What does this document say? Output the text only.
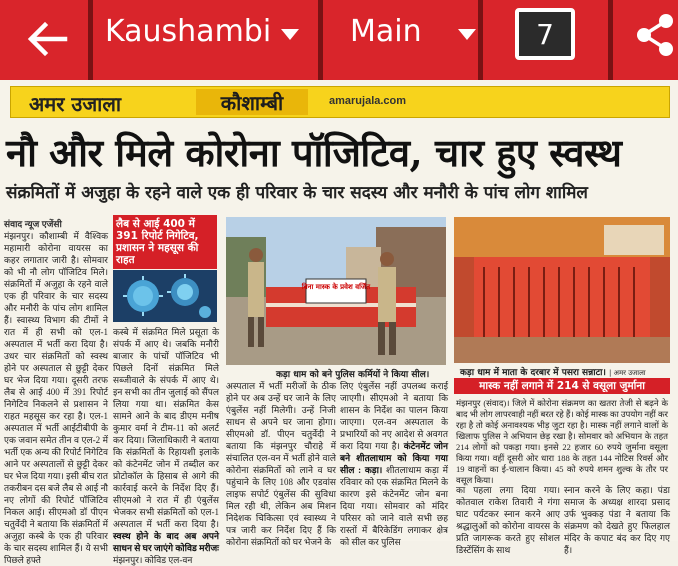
Kaushambi	Main	7
अमर उजाला	कौशाम्बी	amarujala.com
नौ और मिले कोरोना पॉजिटिव, चार हुए स्वस्थ
संक्रमितों में अजुहा के रहने वाले एक ही परिवार के चार सदस्य और मनौरी के पांच लोग शामिल
संवाद न्यूज एजेंसी
मंझनपुर। कौशाम्बी में वैश्विक महामारी कोरोना वायरस का कहर लगातार जारी है। सोमवार को भी नौ लोग पॉजिटिव मिले। संक्रमितों में अजुहा के रहने वाले एक ही परिवार के चार सदस्य और मनौरी के पांच लोग शामिल हैं। स्वास्थ्य विभाग की टीमों ने रात में ही सभी को एल-1 अस्पताल में भर्ती करा दिया है। उधर चार संक्रमितों को स्वस्थ होने पर अस्पताल से छुट्टी देकर घर भेज दिया गया। दूसरी तरफ लैब से आई 400 में 391 रिपोर्ट निगेटिव निकलने से प्रशासन ने राहत महसूस कर रहा है। एल-1 अस्पताल में भर्ती आईटीबीपी के एक जवान समेत तीन व एल-2 में भर्ती एक अन्य की रिपोर्ट निगेटिव आने पर अस्पतालों से छुट्टी देकर घर भेज दिया गया। इसी बीच रात तकरीबन दस बजे लैब से आई नौ नए लोगों की रिपोर्ट पॉजिटिव निकल आई। सीएमओ डॉ पीएन चतुर्वेदी ने बताया कि संक्रमितों में अजुहा कस्बे के एक ही परिवार के चार सदस्य शामिल हैं। ये सभी पिछले हफ्ते
लैब से आई 400 में 391 रिपोर्ट निगेटिव, प्रशासन ने महसूस की राहत
कस्बे में संक्रमित मिले प्रसूता के संपर्क में आए थे। जबकि मनौरी बाजार के पांचों पॉजिटिव भी पिछले दिनों संक्रमित मिले सब्जीवाले के संपर्क में आए थे। इन सभी का तीन जुलाई को सैंपल लिया गया था। संक्रमित केस सामने आने के बाद डीएम मनीष कुमार वर्मा ने टीम-11 को अलर्ट कर दिया। जिलाधिकारी ने बताया कि संक्रमितों के रिहायशी इलाके को कंटेनमेंट जोन में तब्दील कर प्रोटोकॉल के हिसाब से आगे की कार्रवाई करने के निर्देश दिए हैं। सीएमओ ने रात में ही एंबुलेंस भेजकर सभी संक्रमितों को एल-1 अस्पताल में भर्ती करा दिया है। स्वस्थ होने के बाद अब अपने साधन से घर जाएंगे कोविड मरीजः मंझनपुर। कोविड एल-वन
बिना मास्क के प्रवेश वर्जित
कड़ा धाम को बने पुलिस कर्मियों ने किया सील।	कड़ा धाम में माता के दरबार में पसरा सन्नाटा। | अमर उजाला
अस्पताल में भर्ती मरीजों के ठीक होने पर अब उन्हें घर जाने के लिए एंबुलेंस नहीं मिलेगी। उन्हें निजी साधन से अपने घर जाना होगा। सीएमओ डॉ. पीएन चतुर्वेदी ने बताया कि मंझनपुर चौराहे में संचालित एल-वन में भर्ती होने वाले कोरोना संक्रमितों को लाने व घर पहुंचाने के लिए 108 और एडवांस लाइफ सपोर्ट एंबुलेंस की सुविधा मिल रही थी, लेकिन अब मिशन निदेशक चिकित्सा एवं स्वास्थ्य ने पत्र जारी कर निर्देश दिए हैं कि कोरोना संक्रमितों को घर भेजने के
लिए एंबुलेंस नहीं उपलब्ध कराई जाएगी। सीएमओ ने बताया कि शासन के निर्देश का पालन किया जाएगा। एल-वन अस्पताल के प्रभारियों को नए आदेश से अवगत करा दिया गया है। कंटेनमेंट जोन बने शीतलाधाम को किया गया सील : कड़ा। शीतलाधाम कड़ा में रविवार को एक संक्रमित मिलने के कारण इसे कंटेनमेंट जोन बना दिया गया। सोमवार को मंदिर परिसर को जाने वाले सभी छह रास्तों में बैरिकेडिंग लगाकर क्षेत्र को सील कर पुलिस
मास्क नहीं लगाने में 214 से वसूला जुर्माना
मंझनपुर (संवाद)। जिले में कोरोना संक्रमण का खतरा तेजी से बढ़ने के बाद भी लोग लापरवाही नहीं बरत रहे हैं। कोई मास्क का उपयोग नहीं कर रहा है तो कोई अनावश्यक भीड़ जुटा रहा है। मास्क नहीं लगाने वालों के खिलाफ पुलिस ने अभियान छेड़ रखा है। सोमवार को अभियान के तहत 214 लोगों को पकड़ा गया। इनसे 22 हजार 60 रुपये जुर्माना वसूला किया गया। वहीं दूसरी ओर धारा 188 के तहत 144 नोटिस रिवर्स और 19 वाहनों का ई-चालान किया। 45 को रुपये शमन शुल्क के तौर पर वसूल किया।
का पहला लगा दिया गया। कोतवाल राकेश तिवारी ने गंगा घाट पर्यटकर स्नान करने आए श्रद्धालुओं को कोरोना वायरस के प्रति जागरूक करते हुए सोशल डिस्टेंसिंग के साथ
स्नान करने के लिए कहा। पंडा समाज के अध्यक्ष शारदा प्रसाद उर्फ भुक्कड़ पंडा ने बताया कि संक्रमण को देखते हुए फिलहाल मंदिर के कपाट बंद कर दिए गए हैं।
